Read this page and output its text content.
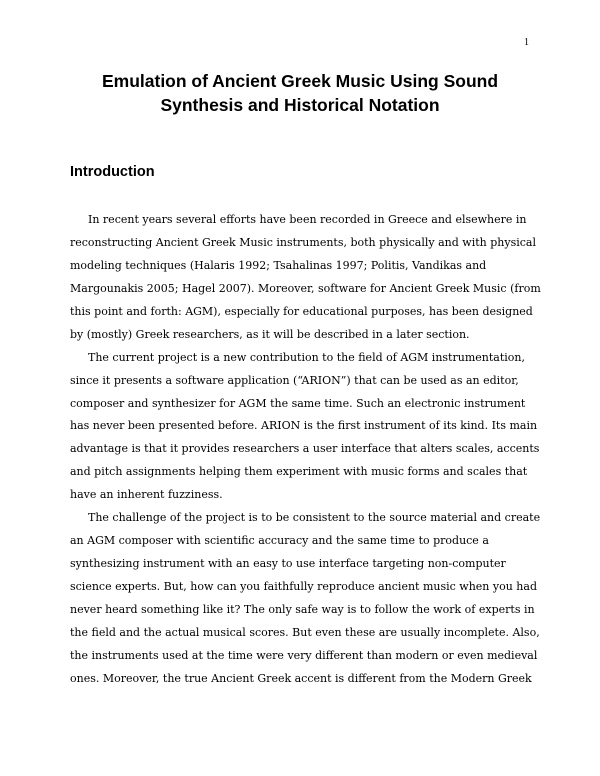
1
Emulation of Ancient Greek Music Using Sound
Synthesis and Historical Notation
Introduction
In recent years several efforts have been recorded in Greece and elsewhere in
reconstructing Ancient Greek Music instruments, both physically and with physical
modeling techniques (Halaris 1992; Tsahalinas 1997; Politis, Vandikas and
Margounakis 2005; Hagel 2007). Moreover, software for Ancient Greek Music (from
this point and forth: AGM), especially for educational purposes, has been designed
by (mostly) Greek researchers, as it will be described in a later section.
The current project is a new contribution to the field of AGM instrumentation,
since it presents a software application (“ARION”) that can be used as an editor,
composer and synthesizer for AGM the same time. Such an electronic instrument
has never been presented before. ARION is the first instrument of its kind. Its main
advantage is that it provides researchers a user interface that alters scales, accents
and pitch assignments helping them experiment with music forms and scales that
have an inherent fuzziness.
The challenge of the project is to be consistent to the source material and create
an AGM composer with scientific accuracy and the same time to produce a
synthesizing instrument with an easy to use interface targeting non-computer
science experts. But, how can you faithfully reproduce ancient music when you had
never heard something like it? The only safe way is to follow the work of experts in
the field and the actual musical scores. But even these are usually incomplete. Also,
the instruments used at the time were very different than modern or even medieval
ones. Moreover, the true Ancient Greek accent is different from the Modern Greek
